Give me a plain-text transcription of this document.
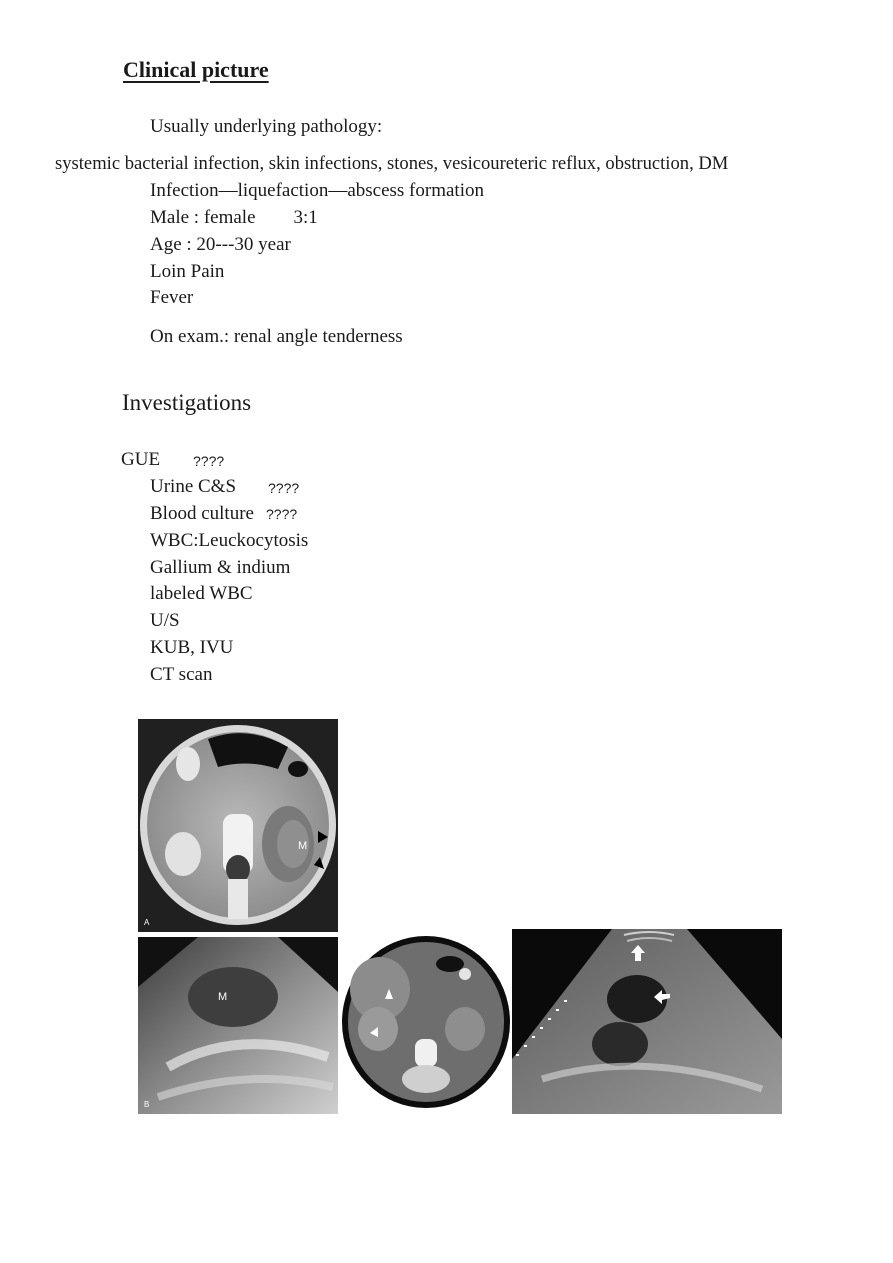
Clinical picture
Usually underlying pathology:
systemic bacterial infection, skin infections, stones, vesicoureteric reflux, obstruction, DM
Infection—liquefaction—abscess formation
Male : female        3:1
Age : 20---30 year
Loin Pain
Fever
On exam.: renal angle tenderness
Investigations
GUE ????
Urine C&S ????
Blood culture ????
WBC:Leuckocytosis
Gallium & indium
labeled WBC
U/S
KUB, IVU
CT scan
M
A
M
B
